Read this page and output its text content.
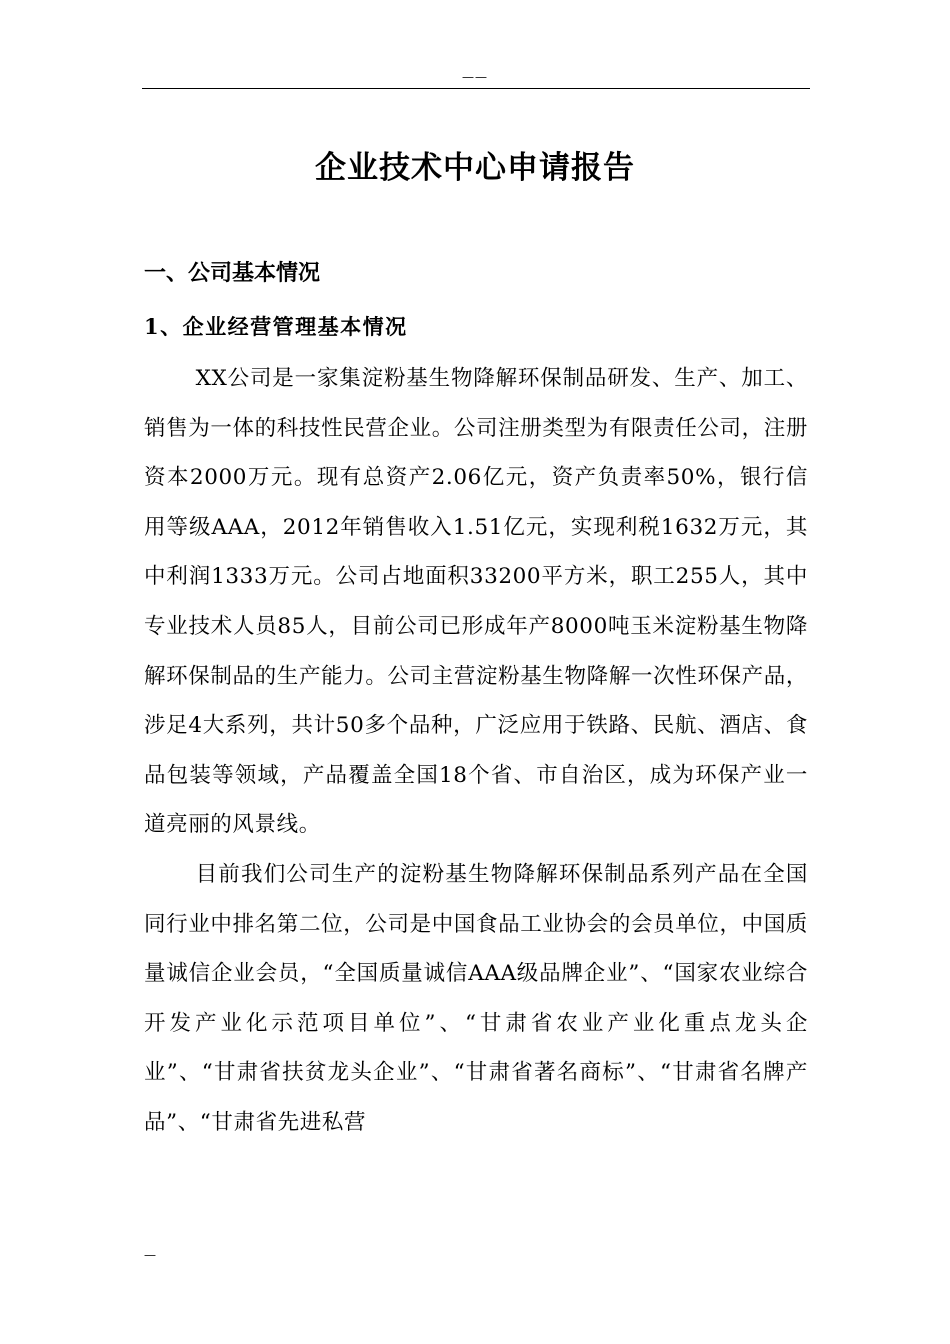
——
企业技术中心申请报告
一、公司基本情况
1、企业经营管理基本情况

XX公司是一家集淀粉基生物降解环保制品研发、生产、加工、销售为一体的科技性民营企业。公司注册类型为有限责任公司，注册资本2000万元。现有总资产2.06亿元，资产负责率50%，银行信用等级AAA，2012年销售收入1.51亿元，实现利税1632万元，其中利润1333万元。公司占地面积33200平方米，职工255人，其中专业技术人员85人，目前公司已形成年产8000吨玉米淀粉基生物降解环保制品的生产能力。公司主营淀粉基生物降解一次性环保产品，涉足4大系列，共计50多个品种，广泛应用于铁路、民航、酒店、食品包装等领域，产品覆盖全国18个省、市自治区，成为环保产业一道亮丽的风景线。

目前我们公司生产的淀粉基生物降解环保制品系列产品在全国同行业中排名第二位，公司是中国食品工业协会的会员单位，中国质量诚信企业会员，“全国质量诚信AAA级品牌企业”、“国家农业综合开发产业化示范项目单位”、“甘肃省农业产业化重点龙头企业”、“甘肃省扶贫龙头企业”、“甘肃省著名商标”、“甘肃省名牌产品”、“甘肃省先进私营

—
